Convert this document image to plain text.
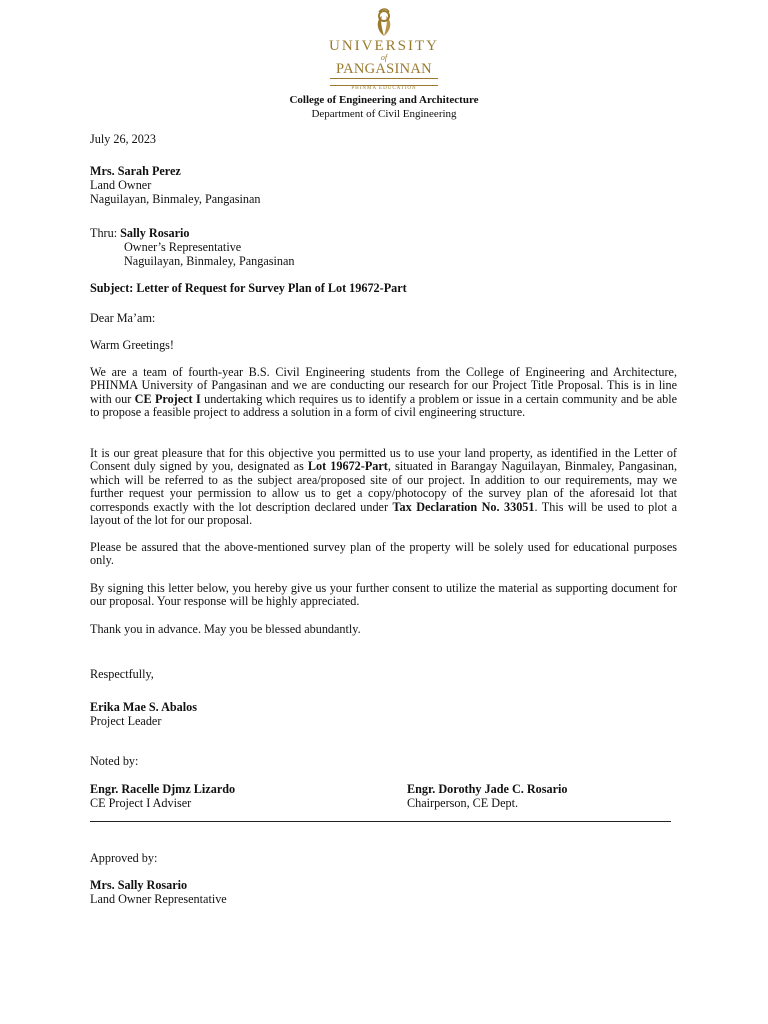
UNIVERSITY
of
PANGASINAN
PHINMA EDUCATION
College of Engineering and Architecture
Department of Civil Engineering
July 26, 2023
Mrs. Sarah Perez
Land Owner
Naguilayan, Binmaley, Pangasinan
Thru: Sally Rosario
Owner’s Representative
Naguilayan, Binmaley, Pangasinan
Subject: Letter of Request for Survey Plan of Lot 19672-Part
Dear Ma’am:
Warm Greetings!

We are a team of fourth-year B.S. Civil Engineering students from the College of Engineering and Architecture, PHINMA University of Pangasinan and we are conducting our research for our Project Title Proposal. This is in line with our CE Project I undertaking which requires us to identify a problem or issue in a certain community and be able to propose a feasible project to address a solution in a form of civil engineering structure.

It is our great pleasure that for this objective you permitted us to use your land property, as identified in the Letter of Consent duly signed by you, designated as Lot 19672-Part, situated in Barangay Naguilayan, Binmaley, Pangasinan, which will be referred to as the subject area/proposed site of our project. In addition to our requirements, may we further request your permission to allow us to get a copy/photocopy of the survey plan of the aforesaid lot that corresponds exactly with the lot description declared under Tax Declaration No. 33051. This will be used to plot a layout of the lot for our proposal.

Please be assured that the above-mentioned survey plan of the property will be solely used for educational purposes only.

By signing this letter below, you hereby give us your further consent to utilize the material as supporting document for our proposal. Your response will be highly appreciated.

Thank you in advance. May you be blessed abundantly.
Respectfully,
Erika Mae S. Abalos
Project Leader
Noted by:
Engr. Racelle Djmz Lizardo
CE Project I Adviser
Engr. Dorothy Jade C. Rosario
Chairperson, CE Dept.
Approved by:
Mrs. Sally Rosario
Land Owner Representative
